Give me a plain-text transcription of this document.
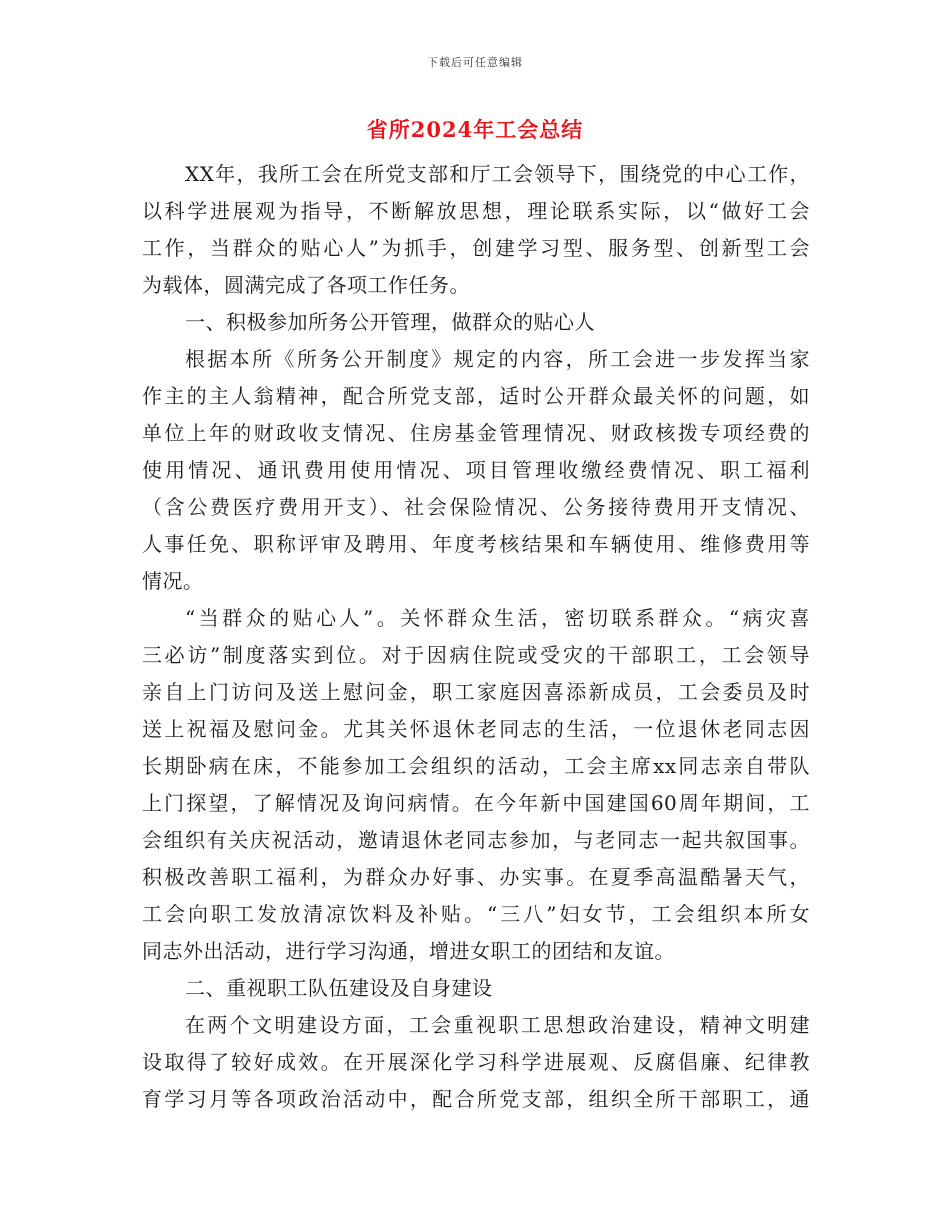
下载后可任意编辑
省所2024年工会总结
XX年，我所工会在所党支部和厅工会领导下，围绕党的中心工作，
以科学进展观为指导，不断解放思想，理论联系实际，以“做好工会
工作，当群众的贴心人”为抓手，创建学习型、服务型、创新型工会
为载体，圆满完成了各项工作任务。
一、积极参加所务公开管理，做群众的贴心人
根据本所《所务公开制度》规定的内容，所工会进一步发挥当家
作主的主人翁精神，配合所党支部，适时公开群众最关怀的问题，如
单位上年的财政收支情况、住房基金管理情况、财政核拨专项经费的
使用情况、通讯费用使用情况、项目管理收缴经费情况、职工福利
（含公费医疗费用开支）、社会保险情况、公务接待费用开支情况、
人事任免、职称评审及聘用、年度考核结果和车辆使用、维修费用等
情况。
“当群众的贴心人”。关怀群众生活，密切联系群众。“病灾喜
三必访”制度落实到位。对于因病住院或受灾的干部职工，工会领导
亲自上门访问及送上慰问金，职工家庭因喜添新成员，工会委员及时
送上祝福及慰问金。尤其关怀退休老同志的生活，一位退休老同志因
长期卧病在床，不能参加工会组织的活动，工会主席xx同志亲自带队
上门探望，了解情况及询问病情。在今年新中国建国60周年期间，工
会组织有关庆祝活动，邀请退休老同志参加，与老同志一起共叙国事。
积极改善职工福利，为群众办好事、办实事。在夏季高温酷暑天气，
工会向职工发放清凉饮料及补贴。“三八”妇女节，工会组织本所女
同志外出活动，进行学习沟通，增进女职工的团结和友谊。
二、重视职工队伍建设及自身建设
在两个文明建设方面，工会重视职工思想政治建设，精神文明建
设取得了较好成效。在开展深化学习科学进展观、反腐倡廉、纪律教
育学习月等各项政治活动中，配合所党支部，组织全所干部职工，通
